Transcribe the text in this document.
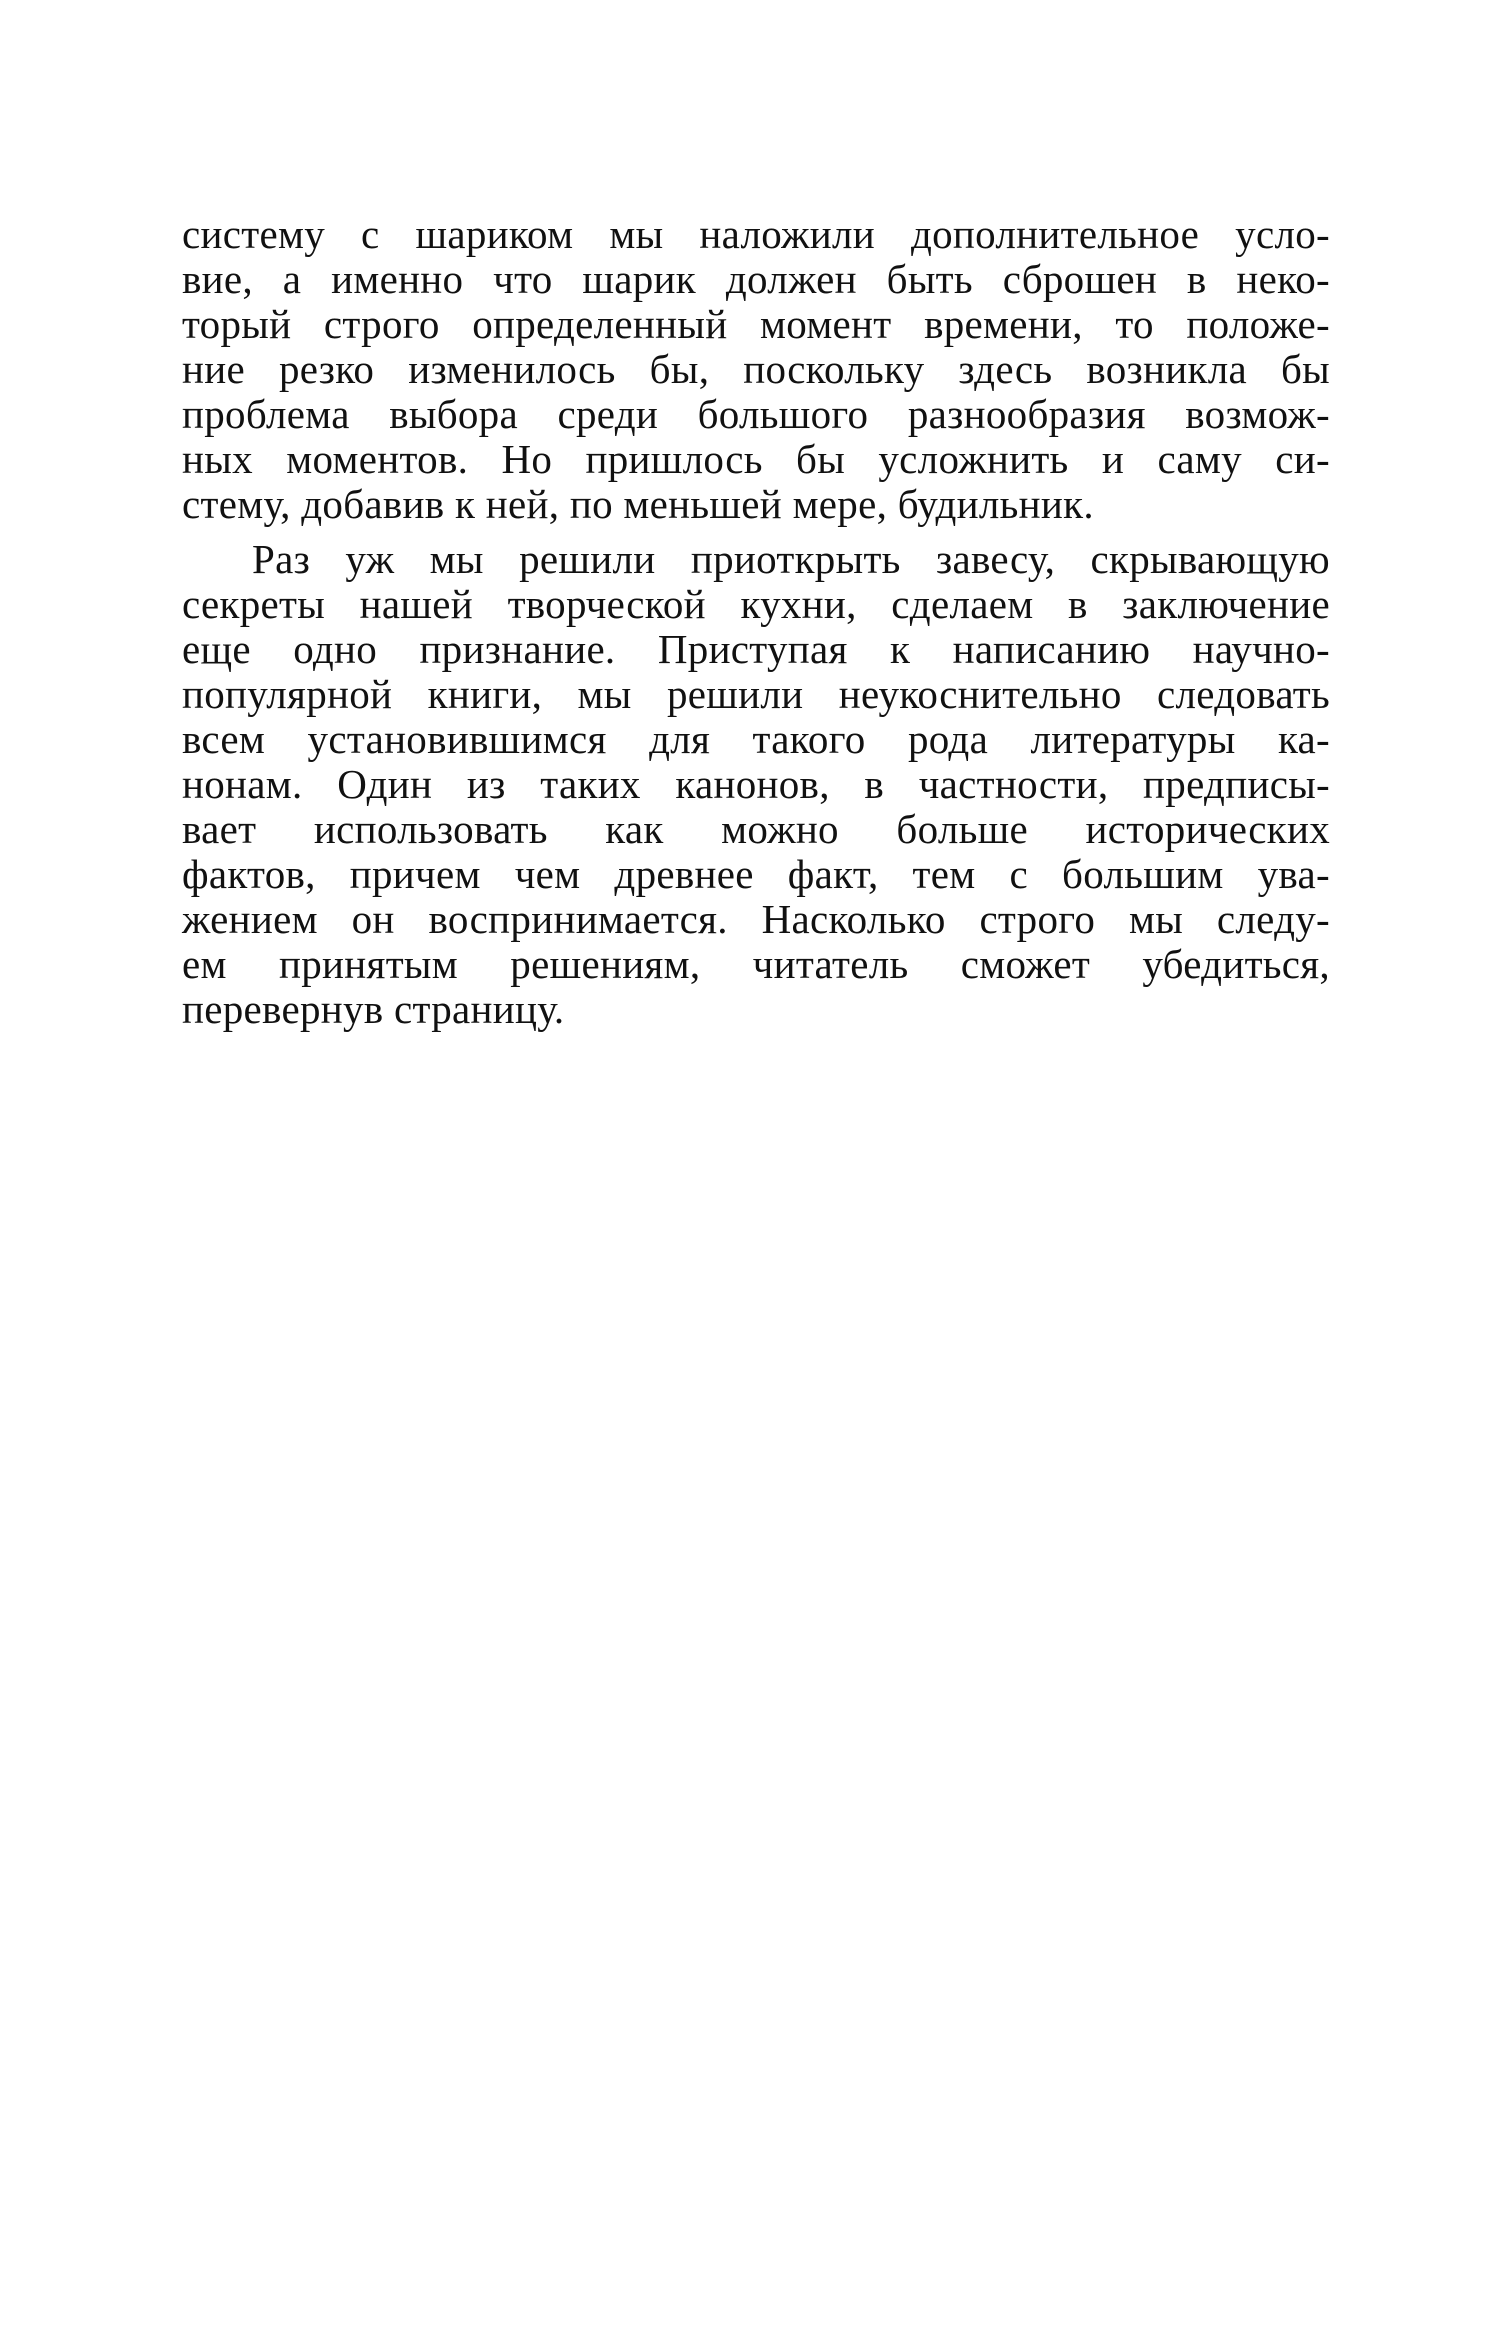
систему с шариком мы наложили дополнительное усло-
вие, а именно что шарик должен быть сброшен в неко-
торый строго определенный момент времени, то положе-
ние резко изменилось бы, поскольку здесь возникла бы
проблема выбора среди большого разнообразия возмож-
ных моментов. Но пришлось бы усложнить и саму си-
стему, добавив к ней, по меньшей мере, будильник.
Раз уж мы решили приоткрыть завесу, скрывающую
секреты нашей творческой кухни, сделаем в заключение
еще одно признание. Приступая к написанию научно-
популярной книги, мы решили неукоснительно следовать
всем установившимся для такого рода литературы ка-
нонам. Один из таких канонов, в частности, предписы-
вает использовать как можно больше исторических
фактов, причем чем древнее факт, тем с большим ува-
жением он воспринимается. Насколько строго мы следу-
ем принятым решениям, читатель сможет убедиться,
перевернув страницу.
